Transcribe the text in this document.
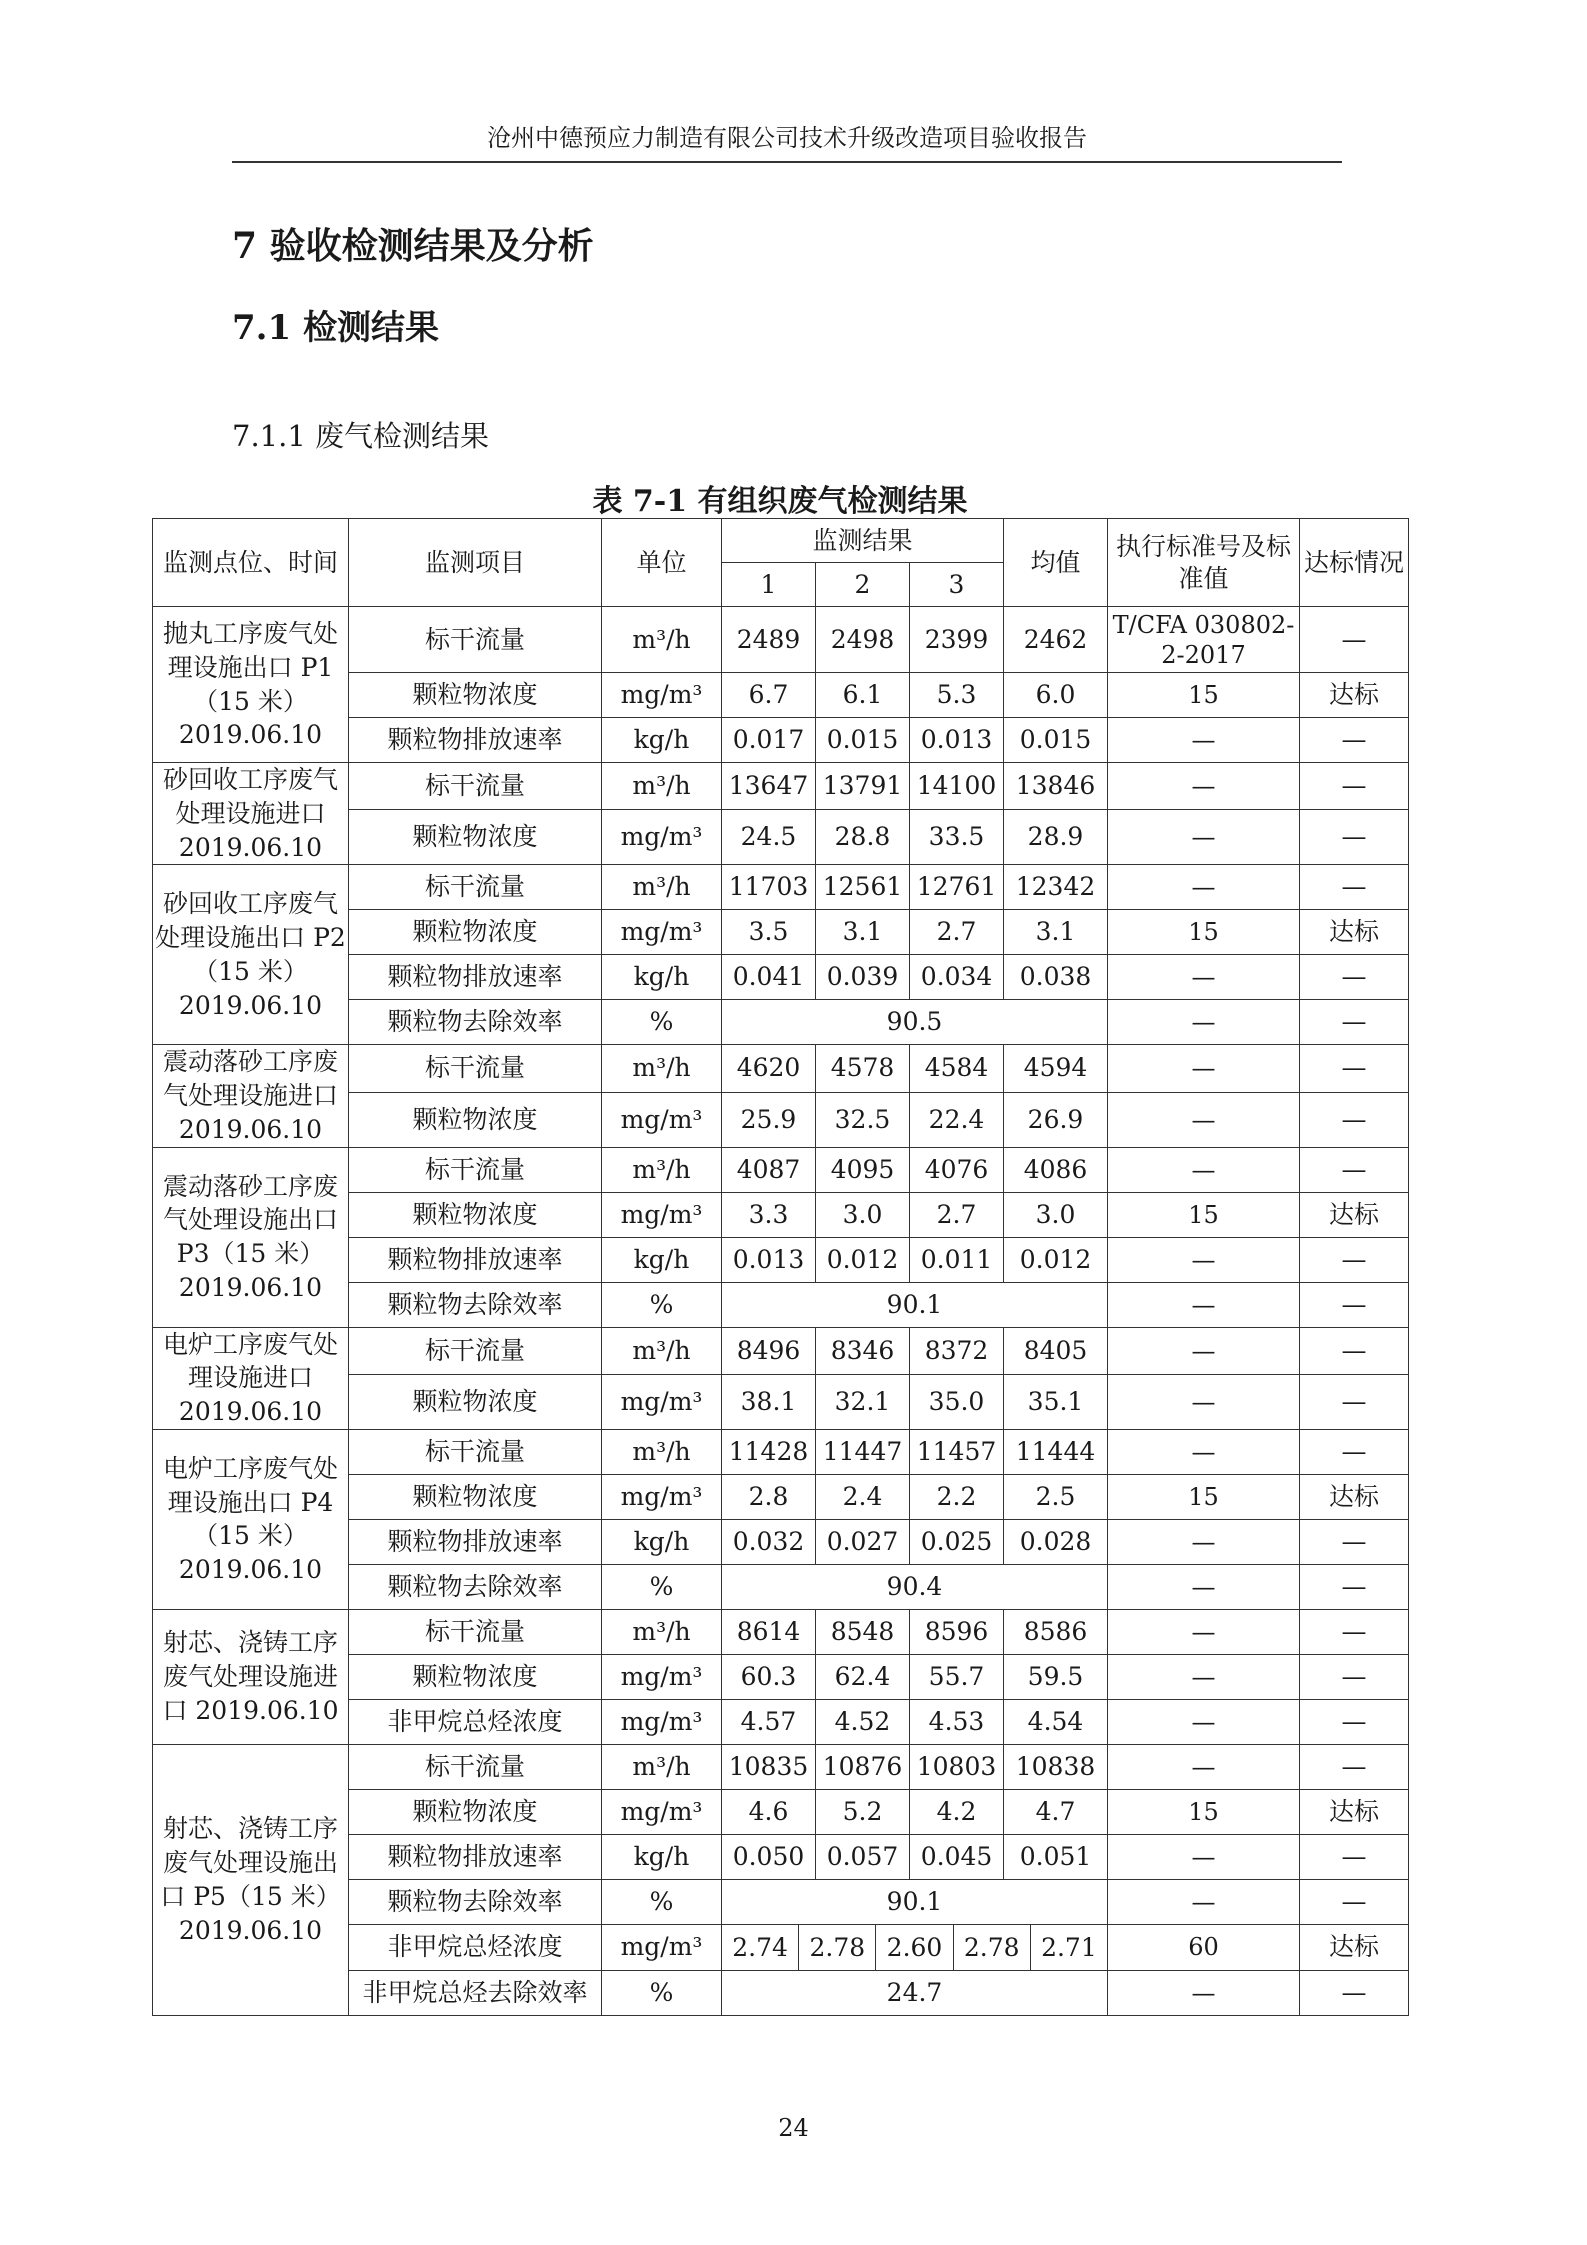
沧州中德预应力制造有限公司技术升级改造项目验收报告
7 验收检测结果及分析
7.1 检测结果
7.1.1 废气检测结果
表 7-1 有组织废气检测结果
监测点位、时间	监测项目	单位	监测结果			均值	执行标准号及标准值	达标情况
			1	2	3			
抛丸工序废气处理设施出口 P1（15 米）2019.06.10	标干流量	m³/h	2489	2498	2399	2462	T/CFA 030802-2-2017	—
	颗粒物浓度	mg/m³	6.7	6.1	5.3	6.0	15	达标
	颗粒物排放速率	kg/h	0.017	0.015	0.013	0.015	—	—
砂回收工序废气处理设施进口 2019.06.10	标干流量	m³/h	13647	13791	14100	13846	—	—
	颗粒物浓度	mg/m³	24.5	28.8	33.5	28.9	—	—
砂回收工序废气处理设施出口 P2（15 米）2019.06.10	标干流量	m³/h	11703	12561	12761	12342	—	—
	颗粒物浓度	mg/m³	3.5	3.1	2.7	3.1	15	达标
	颗粒物排放速率	kg/h	0.041	0.039	0.034	0.038	—	—
	颗粒物去除效率	%	90.5				—	—
震动落砂工序废气处理设施进口 2019.06.10	标干流量	m³/h	4620	4578	4584	4594	—	—
	颗粒物浓度	mg/m³	25.9	32.5	22.4	26.9	—	—
震动落砂工序废气处理设施出口 P3（15 米）2019.06.10	标干流量	m³/h	4087	4095	4076	4086	—	—
	颗粒物浓度	mg/m³	3.3	3.0	2.7	3.0	15	达标
	颗粒物排放速率	kg/h	0.013	0.012	0.011	0.012	—	—
	颗粒物去除效率	%	90.1				—	—
电炉工序废气处理设施进口 2019.06.10	标干流量	m³/h	8496	8346	8372	8405	—	—
	颗粒物浓度	mg/m³	38.1	32.1	35.0	35.1	—	—
电炉工序废气处理设施出口 P4（15 米）2019.06.10	标干流量	m³/h	11428	11447	11457	11444	—	—
	颗粒物浓度	mg/m³	2.8	2.4	2.2	2.5	15	达标
	颗粒物排放速率	kg/h	0.032	0.027	0.025	0.028	—	—
	颗粒物去除效率	%	90.4				—	—
射芯、浇铸工序废气处理设施进口 2019.06.10	标干流量	m³/h	8614	8548	8596	8586	—	—
	颗粒物浓度	mg/m³	60.3	62.4	55.7	59.5	—	—
	非甲烷总烃浓度	mg/m³	4.57	4.52	4.53	4.54	—	—
射芯、浇铸工序废气处理设施出口 P5（15 米）2019.06.10	标干流量	m³/h	10835	10876	10803	10838	—	—
	颗粒物浓度	mg/m³	4.6	5.2	4.2	4.7	15	达标
	颗粒物排放速率	kg/h	0.050	0.057	0.045	0.051	—	—
	颗粒物去除效率	%	90.1				—	—
	非甲烷总烃浓度	mg/m³	2.74 2.78 2.60 2.78 2.71				60	达标
	非甲烷总烃去除效率	%	24.7				—	—
24
